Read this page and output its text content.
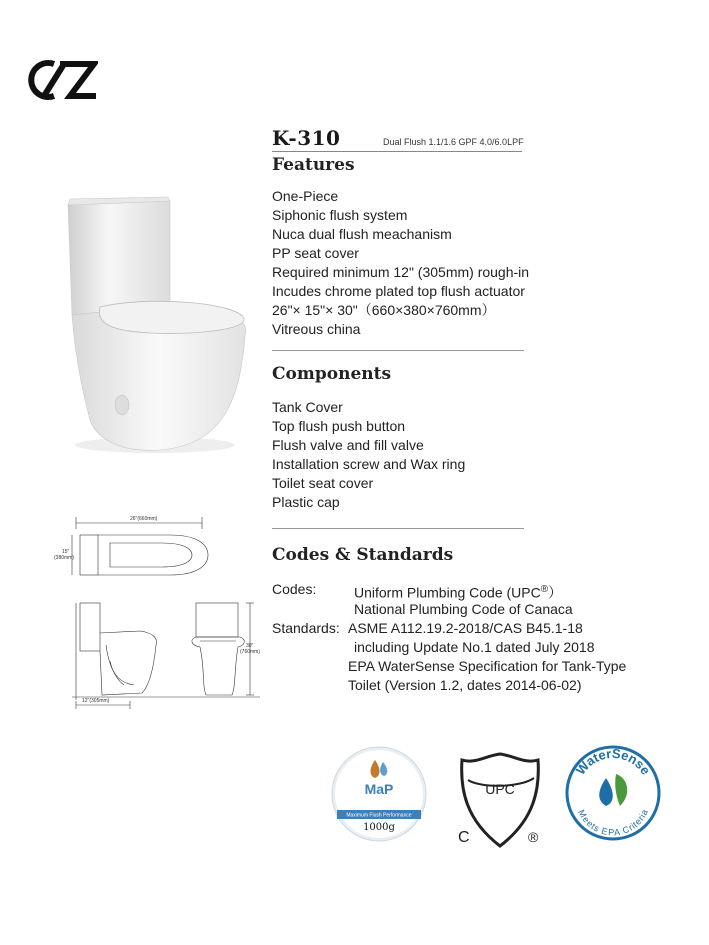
K-310	Dual Flush 1.1/1.6 GPF 4.0/6.0LPF
Features
One-Piece
Siphonic flush system
Nuca dual flush meachanism
PP seat cover
Required minimum 12" (305mm) rough-in
Incudes chrome plated top flush actuator
26"× 15"× 30"（660×380×760mm）
Vitreous china
Components
Tank Cover
Top flush push button
Flush valve and fill valve
Installation screw and Wax ring
Toilet seat cover
Plastic cap
Codes & Standards
Codes:	Uniform Plumbing Code (UPC®）
National Plumbing Code of Canaca
Standards: ASME A112.19.2-2018/CAS B45.1-18
including Update No.1 dated July 2018
EPA WaterSense Specification for Tank-Type
Toilet (Version 1.2, dates 2014-06-02)
26"(660mm)
15"
(380mm)
30"
(760mm)
12"(305mm)
MaP
Maximum Flush Performance
1000g
UPC
C	®
WaterSense
Meets EPA Criteria
